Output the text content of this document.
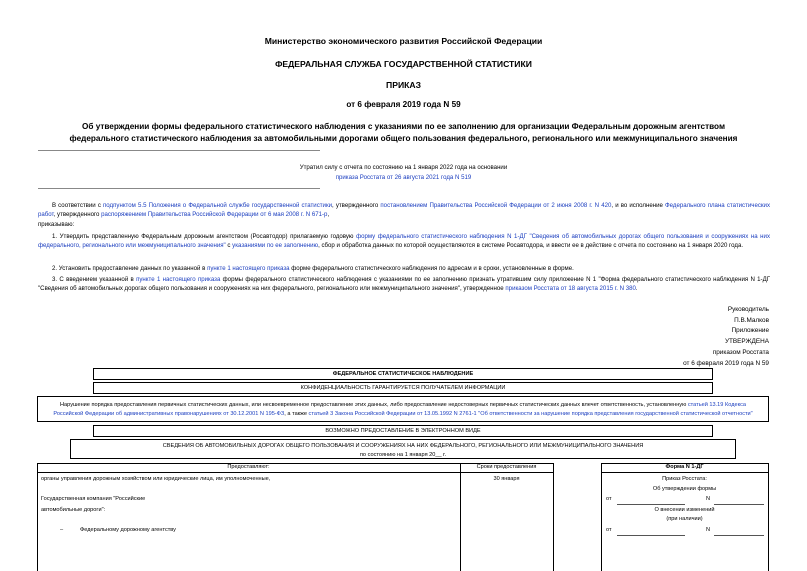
Министерство экономического развития Российской Федерации
ФЕДЕРАЛЬНАЯ СЛУЖБА ГОСУДАРСТВЕННОЙ СТАТИСТИКИ
ПРИКАЗ
от 6 февраля 2019 года N 59
Об утверждении формы федерального статистического наблюдения с указаниями по ее заполнению для организации Федеральным дорожным агентством
федерального статистического наблюдения за автомобильными дорогами общего пользования федерального, регионального или межмуниципального значения
Утратил силу с отчета по состоянию на 1 января 2022 года на основании
приказа Росстата от 26 августа 2021 года N 519
В соответствии с подпунктом 5.5 Положения о Федеральной службе государственной статистики, утвержденного постановлением Правительства Российской Федерации от 2 июня 2008 г. N 420, и во исполнение Федерального плана статистических работ, утвержденного распоряжением Правительства Российской Федерации от 6 мая 2008 г. N 671-р,
приказываю:
1. Утвердить представленную Федеральным дорожным агентством (Росавтодор) прилагаемую годовую форму федерального статистического наблюдения N 1-ДГ "Сведения об автомобильных дорогах общего пользования и сооружениях на них федерального, регионального или межмуниципального значения" с указаниями по ее заполнению, сбор и обработка данных по которой осуществляются в системе Росавтодора, и ввести ее в действие с отчета по состоянию на 1 января 2020 года.
2. Установить предоставление данных по указанной в пункте 1 настоящего приказа форме федерального статистического наблюдения по адресам и в сроки, установленные в форме.
3. С введением указанной в пункте 1 настоящего приказа формы федерального статистического наблюдения с указаниями по ее заполнению признать утратившим силу приложение N 1 "Форма федерального статистического наблюдения N 1-ДГ "Сведения об автомобильных дорогах общего пользования и сооружениях на них федерального, регионального или межмуниципального значения", утвержденное приказом Росстата от 18 августа 2015 г. N 380.
Руководитель
П.В.Малков
Приложение
УТВЕРЖДЕНА
приказом Росстата
от 6 февраля 2019 года N 59
ФЕДЕРАЛЬНОЕ СТАТИСТИЧЕСКОЕ НАБЛЮДЕНИЕ
КОНФИДЕНЦИАЛЬНОСТЬ ГАРАНТИРУЕТСЯ ПОЛУЧАТЕЛЕМ ИНФОРМАЦИИ
Нарушение порядка предоставления первичных статистических данных, или несвоевременное предоставление этих данных, либо предоставление недостоверных первичных статистических данных влечет ответственность, установленную статьей 13.19 Кодекса Российской Федерации об административных правонарушениях от 30.12.2001 N 195-ФЗ, а также статьей 3 Закона Российской Федерации от 13.05.1992 N 2761-1 "Об ответственности за нарушение порядка представления государственной статистической отчетности"
ВОЗМОЖНО ПРЕДОСТАВЛЕНИЕ В ЭЛЕКТРОННОМ ВИДЕ
СВЕДЕНИЯ ОБ АВТОМОБИЛЬНЫХ ДОРОГАХ ОБЩЕГО ПОЛЬЗОВАНИЯ И СООРУЖЕНИЯХ НА НИХ ФЕДЕРАЛЬНОГО, РЕГИОНАЛЬНОГО ИЛИ МЕЖМУНИЦИПАЛЬНОГО ЗНАЧЕНИЯ
по состоянию на 1 января 20__ г.
Предоставляют:	Сроки предоставления	Форма N 1-ДГ
органы управления дорожным хозяйством или юридические лица, им уполномоченные,	30 января	Приказ Росстата:
Об утверждении формы
от	N
Государственная компания "Российские
автомобильные дороги":	О внесении изменений
(при наличии)
–	Федеральному дорожному агентству	от	N
